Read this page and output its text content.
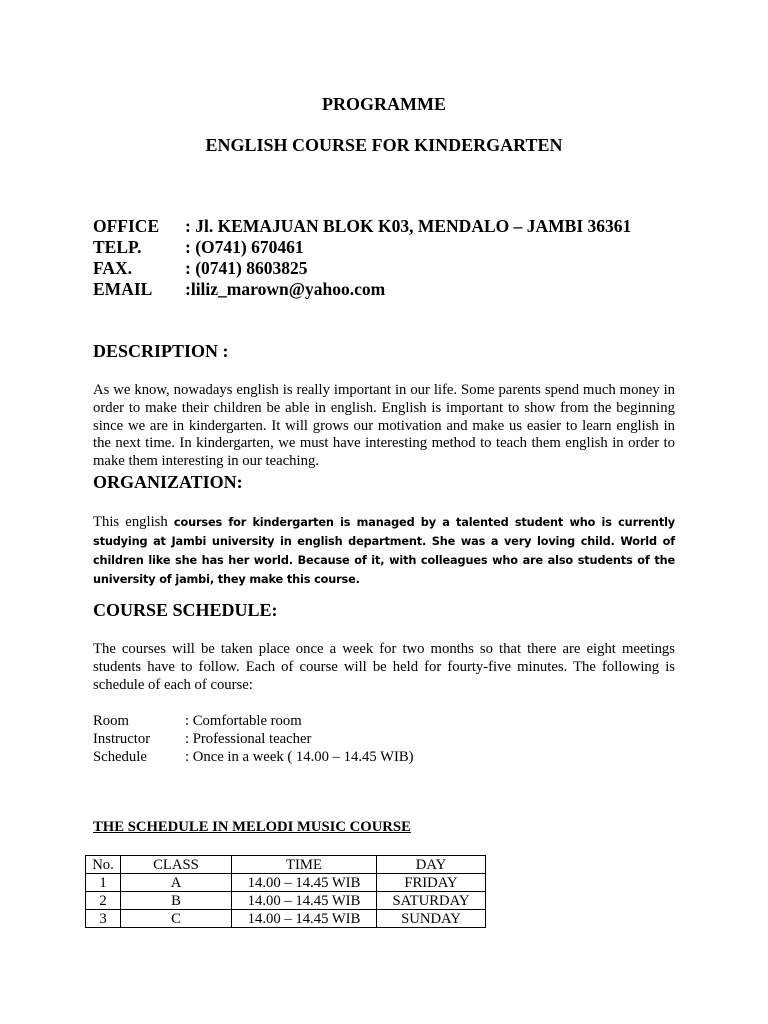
PROGRAMME
ENGLISH COURSE FOR KINDERGARTEN
OFFICE	: Jl. KEMAJUAN BLOK K03, MENDALO – JAMBI 36361
TELP.	: (O741) 670461
FAX.	: (0741) 8603825
EMAIL	:liliz_marown@yahoo.com
DESCRIPTION :
As we know, nowadays english is really important in our life. Some parents spend much money in order to make their children be able in english. English is important to show from the beginning since we are in kindergarten. It will grows our motivation and make us easier to learn english in the next time. In kindergarten, we must have interesting method to teach them english in order to make them interesting in our teaching.
ORGANIZATION:
This english courses for kindergarten is managed by a talented student who is currently studying at Jambi university in english department. She was a very loving child. World of children like she has her world. Because of it, with colleagues who are also students of the university of jambi, they make this course.
COURSE SCHEDULE:
The courses will be taken place once a week for two months so that there are eight meetings students have to follow. Each of course will be held for fourty-five minutes. The following is schedule of each of course:
Room	: Comfortable room
Instructor	: Professional teacher
Schedule	: Once in a week ( 14.00 – 14.45 WIB)
THE SCHEDULE IN MELODI MUSIC COURSE
No.	CLASS	TIME	DAY
1	A	14.00 – 14.45 WIB	FRIDAY
2	B	14.00 – 14.45 WIB	SATURDAY
3	C	14.00 – 14.45 WIB	SUNDAY
